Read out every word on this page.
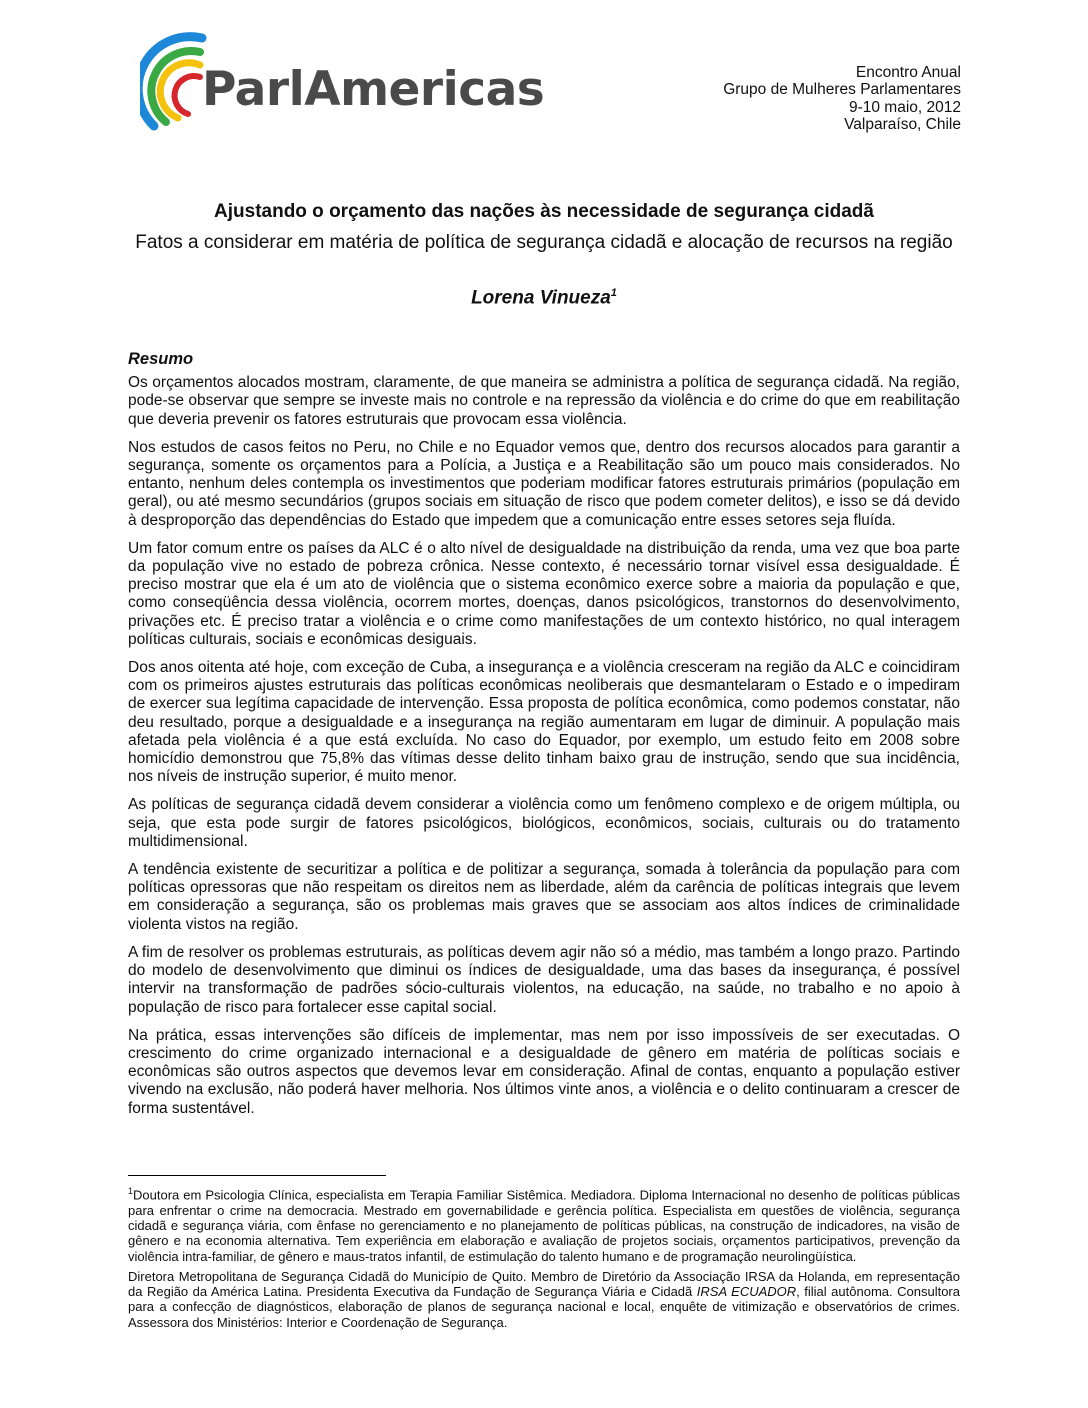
ParlAmericas	Encontro Anual
Grupo de Mulheres Parlamentares
9-10 maio, 2012
Valparaíso, Chile
Ajustando o orçamento das nações às necessidade de segurança cidadã
Fatos a considerar em matéria de política de segurança cidadã e alocação de recursos na região
Lorena Vinueza$^1$
Resumo

Os orçamentos alocados mostram, claramente, de que maneira se administra a política de segurança cidadã. Na região, pode-se observar que sempre se investe mais no controle e na repressão da violência e do crime do que em reabilitação que deveria prevenir os fatores estruturais que provocam essa violência.

Nos estudos de casos feitos no Peru, no Chile e no Equador vemos que, dentro dos recursos alocados para garantir a segurança, somente os orçamentos para a Polícia, a Justiça e a Reabilitação são um pouco mais considerados. No entanto, nenhum deles contempla os investimentos que poderiam modificar fatores estruturais primários (população em geral), ou até mesmo secundários (grupos sociais em situação de risco que podem cometer delitos), e isso se dá devido à desproporção das dependências do Estado que impedem que a comunicação entre esses setores seja fluída.

Um fator comum entre os países da ALC é o alto nível de desigualdade na distribuição da renda, uma vez que boa parte da população vive no estado de pobreza crônica. Nesse contexto, é necessário tornar visível essa desigualdade. É preciso mostrar que ela é um ato de violência que o sistema econômico exerce sobre a maioria da população e que, como conseqüência dessa violência, ocorrem mortes, doenças, danos psicológicos, transtornos do desenvolvimento, privações etc. É preciso tratar a violência e o crime como manifestações de um contexto histórico, no qual interagem políticas culturais, sociais e econômicas desiguais.

Dos anos oitenta até hoje, com exceção de Cuba, a insegurança e a violência cresceram na região da ALC e coincidiram com os primeiros ajustes estruturais das políticas econômicas neoliberais que desmantelaram o Estado e o impediram de exercer sua legítima capacidade de intervenção. Essa proposta de política econômica, como podemos constatar, não deu resultado, porque a desigualdade e a insegurança na região aumentaram em lugar de diminuir. A população mais afetada pela violência é a que está excluída. No caso do Equador, por exemplo, um estudo feito em 2008 sobre homicídio demonstrou que 75,8% das vítimas desse delito tinham baixo grau de instrução, sendo que sua incidência, nos níveis de instrução superior, é muito menor.

As políticas de segurança cidadã devem considerar a violência como um fenômeno complexo e de origem múltipla, ou seja, que esta pode surgir de fatores psicológicos, biológicos, econômicos, sociais, culturais ou do tratamento multidimensional.

A tendência existente de securitizar a política e de politizar a segurança, somada à tolerância da população para com políticas opressoras que não respeitam os direitos nem as liberdade, além da carência de políticas integrais que levem em consideração a segurança, são os problemas mais graves que se associam aos altos índices de criminalidade violenta vistos na região.

A fim de resolver os problemas estruturais, as políticas devem agir não só a médio, mas também a longo prazo. Partindo do modelo de desenvolvimento que diminui os índices de desigualdade, uma das bases da insegurança, é possível intervir na transformação de padrões sócio-culturais violentos, na educação, na saúde, no trabalho e no apoio à população de risco para fortalecer esse capital social.

Na prática, essas intervenções são difíceis de implementar, mas nem por isso impossíveis de ser executadas. O crescimento do crime organizado internacional e a desigualdade de gênero em matéria de políticas sociais e econômicas são outros aspectos que devemos levar em consideração. Afinal de contas, enquanto a população estiver vivendo na exclusão, não poderá haver melhoria. Nos últimos vinte anos, a violência e o delito continuaram a crescer de forma sustentável.

$^1$Doutora em Psicologia Clínica, especialista em Terapia Familiar Sistêmica. Mediadora. Diploma Internacional no desenho de políticas públicas para enfrentar o crime na democracia. Mestrado em governabilidade e gerência política. Especialista em questões de violência, segurança cidadã e segurança viária, com ênfase no gerenciamento e no planejamento de políticas públicas, na construção de indicadores, na visão de gênero e na economia alternativa. Tem experiência em elaboração e avaliação de projetos sociais, orçamentos participativos, prevenção da violência intra-familiar, de gênero e maus-tratos infantil, de estimulação do talento humano e de programação neurolingüística.

Diretora Metropolitana de Segurança Cidadã do Município de Quito. Membro de Diretório da Associação IRSA da Holanda, em representação da Região da América Latina. Presidenta Executiva da Fundação de Segurança Viária e Cidadã IRSA ECUADOR, filial autônoma. Consultora para a confecção de diagnósticos, elaboração de planos de segurança nacional e local, enquête de vitimização e observatórios de crimes. Assessora dos Ministérios: Interior e Coordenação de Segurança.
